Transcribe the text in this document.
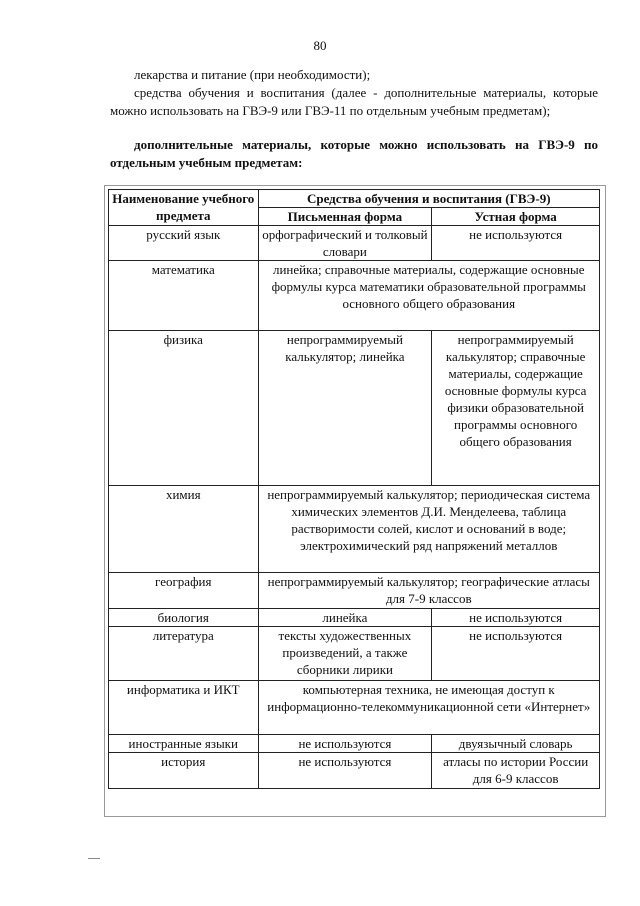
80
лекарства и питание (при необходимости);
средства обучения и воспитания (далее - дополнительные материалы, которые можно использовать на ГВЭ-9 или ГВЭ-11 по отдельным учебным предметам);
дополнительные материалы, которые можно использовать на ГВЭ-9 по отдельным учебным предметам:
Наименование учебного предмета	Средства обучения и воспитания (ГВЭ-9)	
	Письменная форма	Устная форма
русский язык	орфографический и толковый словари	не используются
математика	линейка; справочные материалы, содержащие основные формулы курса математики образовательной программы основного общего образования	
физика	непрограммируемый калькулятор; линейка	непрограммируемый калькулятор; справочные материалы, содержащие основные формулы курса физики образовательной программы основного общего образования
химия	непрограммируемый калькулятор; периодическая система химических элементов Д.И. Менделеева, таблица растворимости солей, кислот и оснований в воде; электрохимический ряд напряжений металлов	
география	непрограммируемый калькулятор; географические атласы для 7-9 классов	
биология	линейка	не используются
литература	тексты художественных произведений, а также сборники лирики	не используются
информатика и ИКТ	компьютерная техника, не имеющая доступ к информационно-телекоммуникационной сети «Интернет»	
иностранные языки	не используются	двуязычный словарь
история	не используются	атласы по истории России для 6-9 классов
